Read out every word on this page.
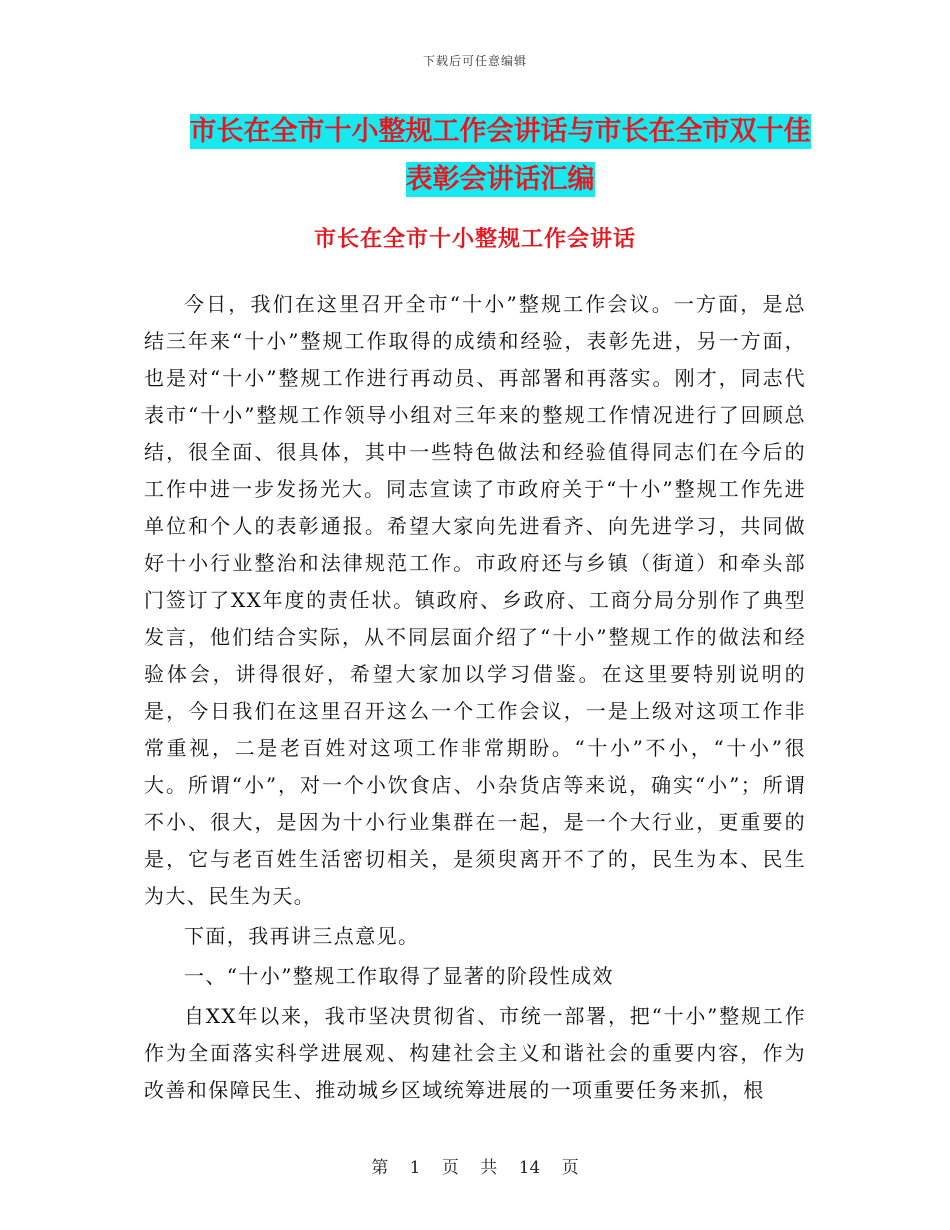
下载后可任意编辑
市长在全市十小整规工作会讲话与市长在全市双十佳
表彰会讲话汇编
市长在全市十小整规工作会讲话

今日，我们在这里召开全市“十小”整规工作会议。一方面，是总结三年来“十小”整规工作取得的成绩和经验，表彰先进，另一方面，也是对“十小”整规工作进行再动员、再部署和再落实。刚才，同志代表市“十小”整规工作领导小组对三年来的整规工作情况进行了回顾总结，很全面、很具体，其中一些特色做法和经验值得同志们在今后的工作中进一步发扬光大。同志宣读了市政府关于“十小”整规工作先进单位和个人的表彰通报。希望大家向先进看齐、向先进学习，共同做好十小行业整治和法律规范工作。市政府还与乡镇（街道）和牵头部门签订了XX年度的责任状。镇政府、乡政府、工商分局分别作了典型发言，他们结合实际，从不同层面介绍了“十小”整规工作的做法和经验体会，讲得很好，希望大家加以学习借鉴。在这里要特别说明的是，今日我们在这里召开这么一个工作会议，一是上级对这项工作非常重视，二是老百姓对这项工作非常期盼。“十小”不小，“十小”很大。所谓“小”，对一个小饮食店、小杂货店等来说，确实“小”；所谓不小、很大，是因为十小行业集群在一起，是一个大行业，更重要的是，它与老百姓生活密切相关，是须臾离开不了的，民生为本、民生为大、民生为天。

下面，我再讲三点意见。

一、“十小”整规工作取得了显著的阶段性成效

自XX年以来，我市坚决贯彻省、市统一部署，把“十小”整规工作作为全面落实科学进展观、构建社会主义和谐社会的重要内容，作为改善和保障民生、推动城乡区域统筹进展的一项重要任务来抓，根

第 1 页 共 14 页
